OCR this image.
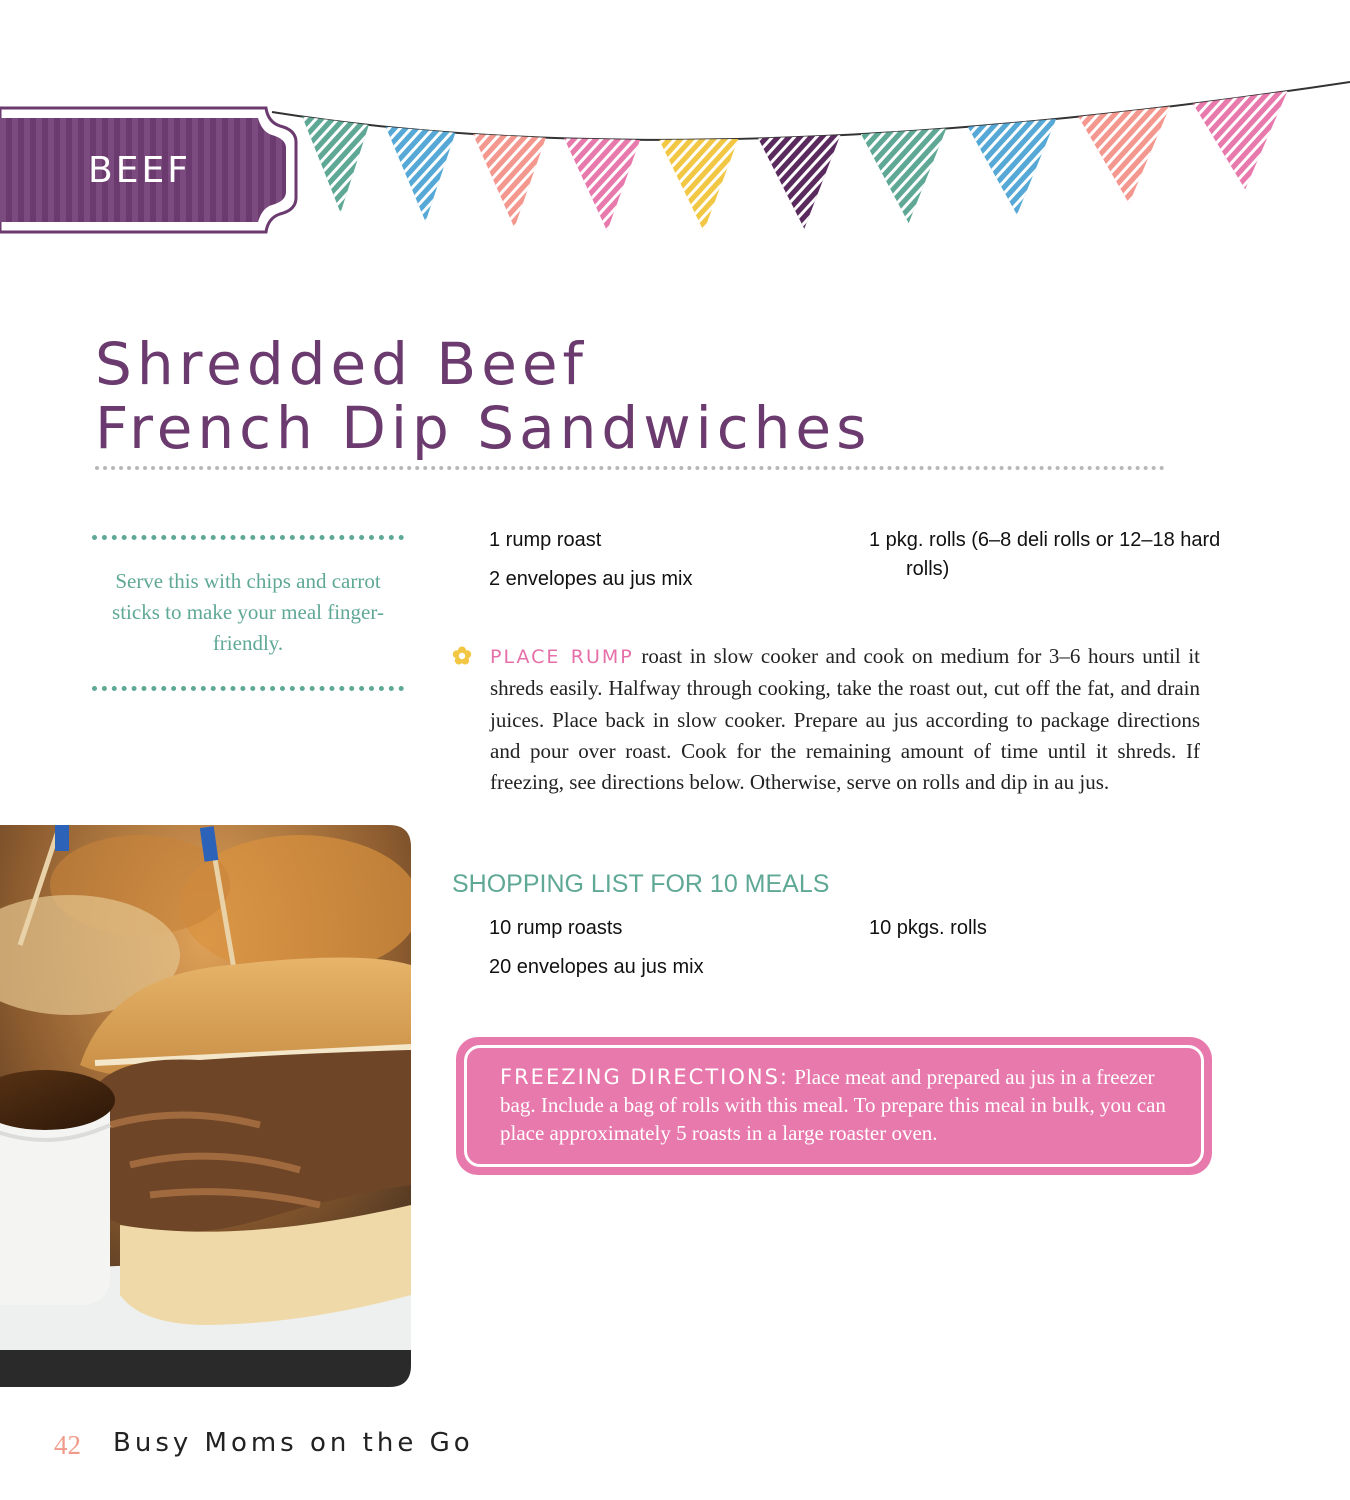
BEEF
Shredded Beef
French Dip Sandwiches
Serve this with chips and carrot sticks to make your meal finger-friendly.
1 rump roast
2 envelopes au jus mix
1 pkg. rolls (6–8 deli rolls or 12–18 hard rolls)

PLACE RUMP roast in slow cooker and cook on medium for 3–6 hours until it shreds easily. Halfway through cooking, take the roast out, cut off the fat, and drain juices. Place back in slow cooker. Prepare au jus according to package directions and pour over roast. Cook for the remaining amount of time until it shreds. If freezing, see directions below. Otherwise, serve on rolls and dip in au jus.

SHOPPING LIST FOR 10 MEALS
10 rump roasts
20 envelopes au jus mix
10 pkgs. rolls

FREEZING DIRECTIONS: Place meat and prepared au jus in a freezer bag. Include a bag of rolls with this meal. To prepare this meal in bulk, you can place approximately 5 roasts in a large roaster oven.

42 Busy Moms on the Go
